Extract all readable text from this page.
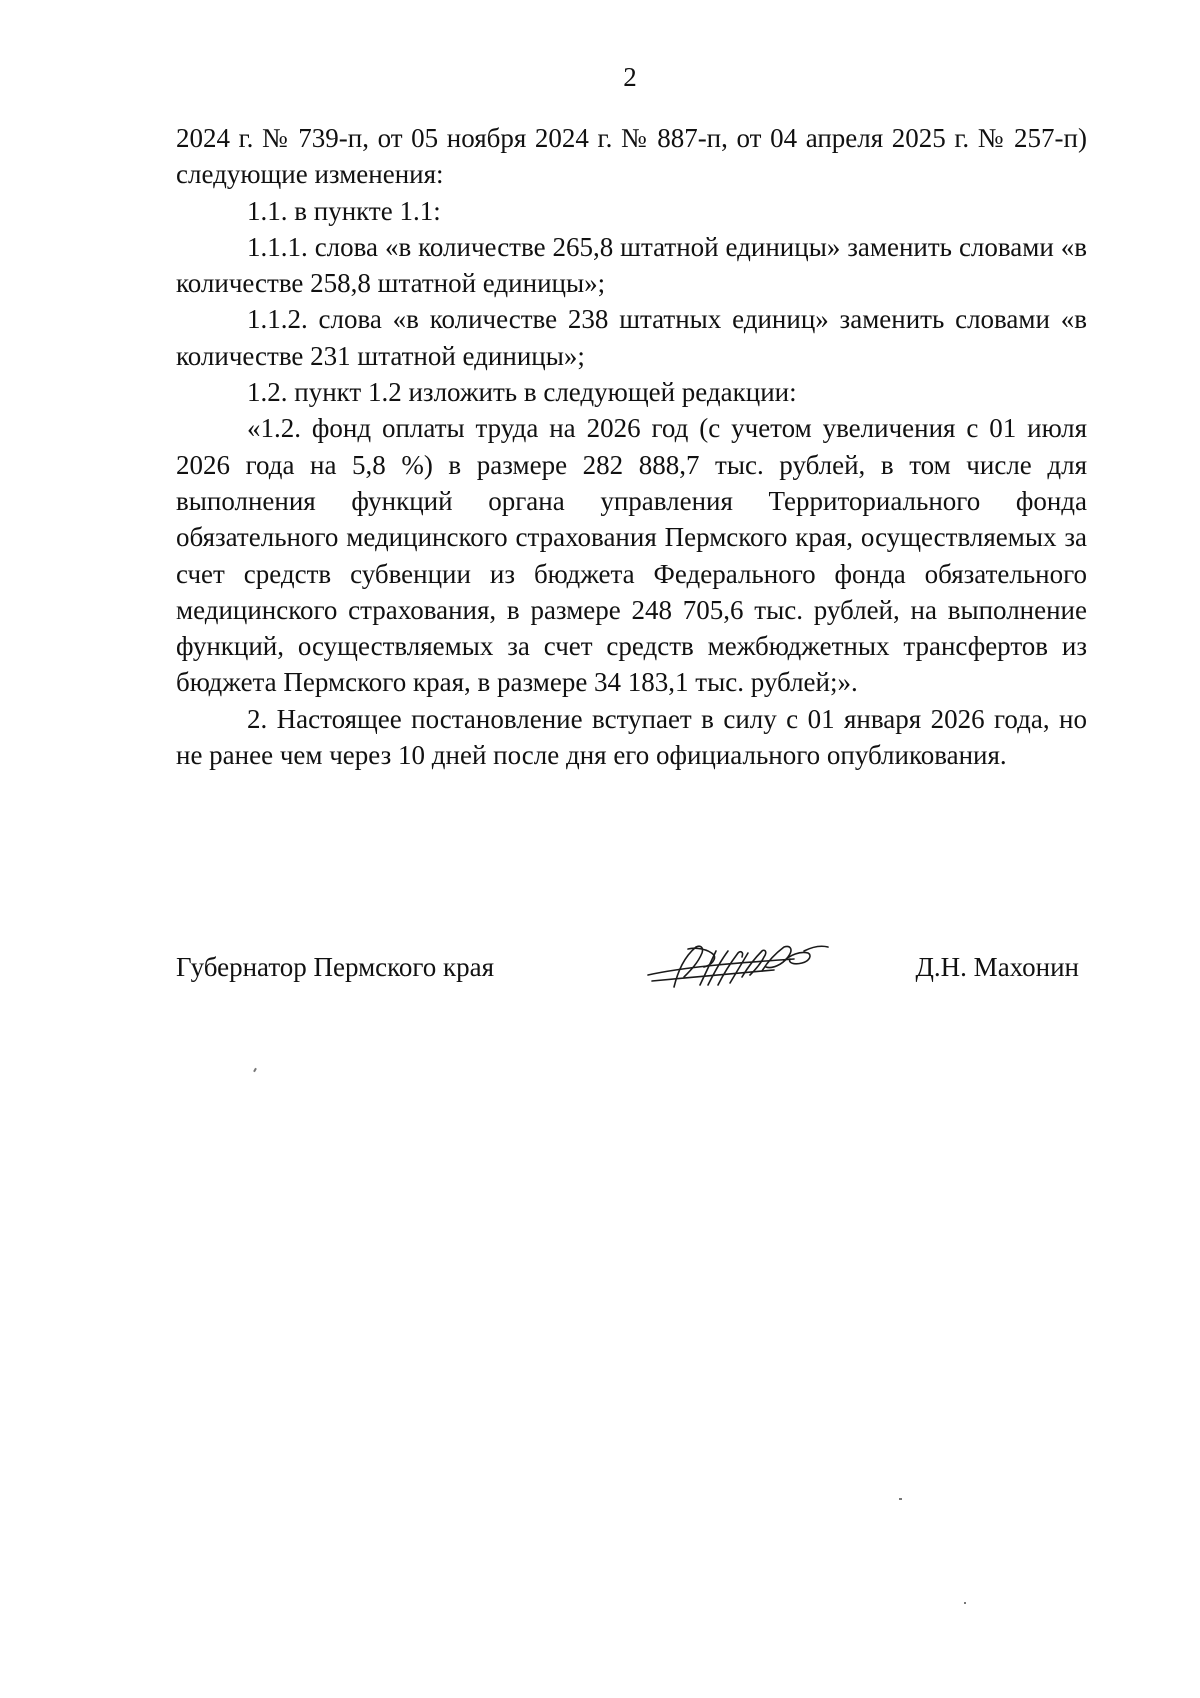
2

2024 г. № 739-п, от 05 ноября 2024 г. № 887-п, от 04 апреля 2025 г. № 257-п) следующие изменения:

1.1. в пункте 1.1:

1.1.1. слова «в количестве 265,8 штатной единицы» заменить словами «в количестве 258,8 штатной единицы»;

1.1.2. слова «в количестве 238 штатных единиц» заменить словами «в количестве 231 штатной единицы»;

1.2. пункт 1.2 изложить в следующей редакции:

«1.2. фонд оплаты труда на 2026 год (с учетом увеличения с 01 июля 2026 года на 5,8 %) в размере 282 888,7 тыс. рублей, в том числе для выполнения функций органа управления Территориального фонда обязательного медицинского страхования Пермского края, осуществляемых за счет средств субвенции из бюджета Федерального фонда обязательного медицинского страхования, в размере 248 705,6 тыс. рублей, на выполнение функций, осуществляемых за счет средств межбюджетных трансфертов из бюджета Пермского края, в размере 34 183,1 тыс. рублей;».

2. Настоящее постановление вступает в силу с 01 января 2026 года, но не ранее чем через 10 дней после дня его официального опубликования.

Губернатор Пермского края	Д.Н. Махонин
